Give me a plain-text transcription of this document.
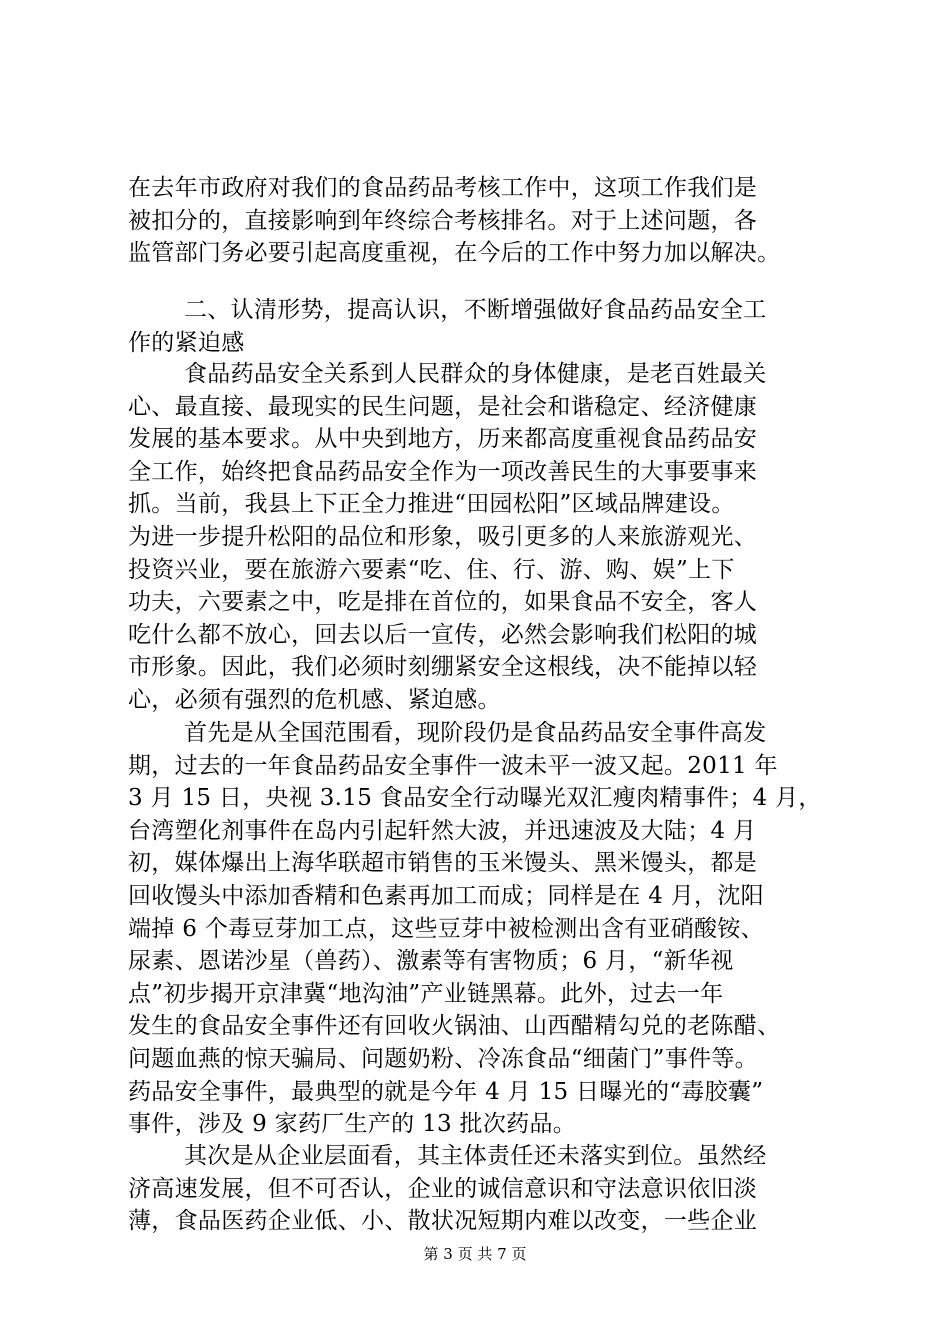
在去年市政府对我们的食品药品考核工作中，这项工作我们是
被扣分的，直接影响到年终综合考核排名。对于上述问题，各
监管部门务必要引起高度重视，在今后的工作中努力加以解决。
二、认清形势，提高认识，不断增强做好食品药品安全工
作的紧迫感
食品药品安全关系到人民群众的身体健康，是老百姓最关
心、最直接、最现实的民生问题，是社会和谐稳定、经济健康
发展的基本要求。从中央到地方，历来都高度重视食品药品安
全工作，始终把食品药品安全作为一项改善民生的大事要事来
抓。当前，我县上下正全力推进“田园松阳”区域品牌建设。
为进一步提升松阳的品位和形象，吸引更多的人来旅游观光、
投资兴业，要在旅游六要素“吃、住、行、游、购、娱”上下
功夫，六要素之中，吃是排在首位的，如果食品不安全，客人
吃什么都不放心，回去以后一宣传，必然会影响我们松阳的城
市形象。因此，我们必须时刻绷紧安全这根线，决不能掉以轻
心，必须有强烈的危机感、紧迫感。
首先是从全国范围看，现阶段仍是食品药品安全事件高发
期，过去的一年食品药品安全事件一波未平一波又起。2011 年
3 月 15 日，央视 3.15 食品安全行动曝光双汇瘦肉精事件；4 月，
台湾塑化剂事件在岛内引起轩然大波，并迅速波及大陆；4 月
初，媒体爆出上海华联超市销售的玉米馒头、黑米馒头，都是
回收馒头中添加香精和色素再加工而成；同样是在 4 月，沈阳
端掉 6 个毒豆芽加工点，这些豆芽中被检测出含有亚硝酸铵、
尿素、恩诺沙星（兽药）、激素等有害物质；6 月，“新华视
点”初步揭开京津冀“地沟油”产业链黑幕。此外，过去一年
发生的食品安全事件还有回收火锅油、山西醋精勾兑的老陈醋、
问题血燕的惊天骗局、问题奶粉、冷冻食品“细菌门”事件等。
药品安全事件，最典型的就是今年 4 月 15 日曝光的“毒胶囊”
事件，涉及 9 家药厂生产的 13 批次药品。
其次是从企业层面看，其主体责任还未落实到位。虽然经
济高速发展，但不可否认，企业的诚信意识和守法意识依旧淡
薄，食品医药企业低、小、散状况短期内难以改变，一些企业
第 3 页 共 7 页
